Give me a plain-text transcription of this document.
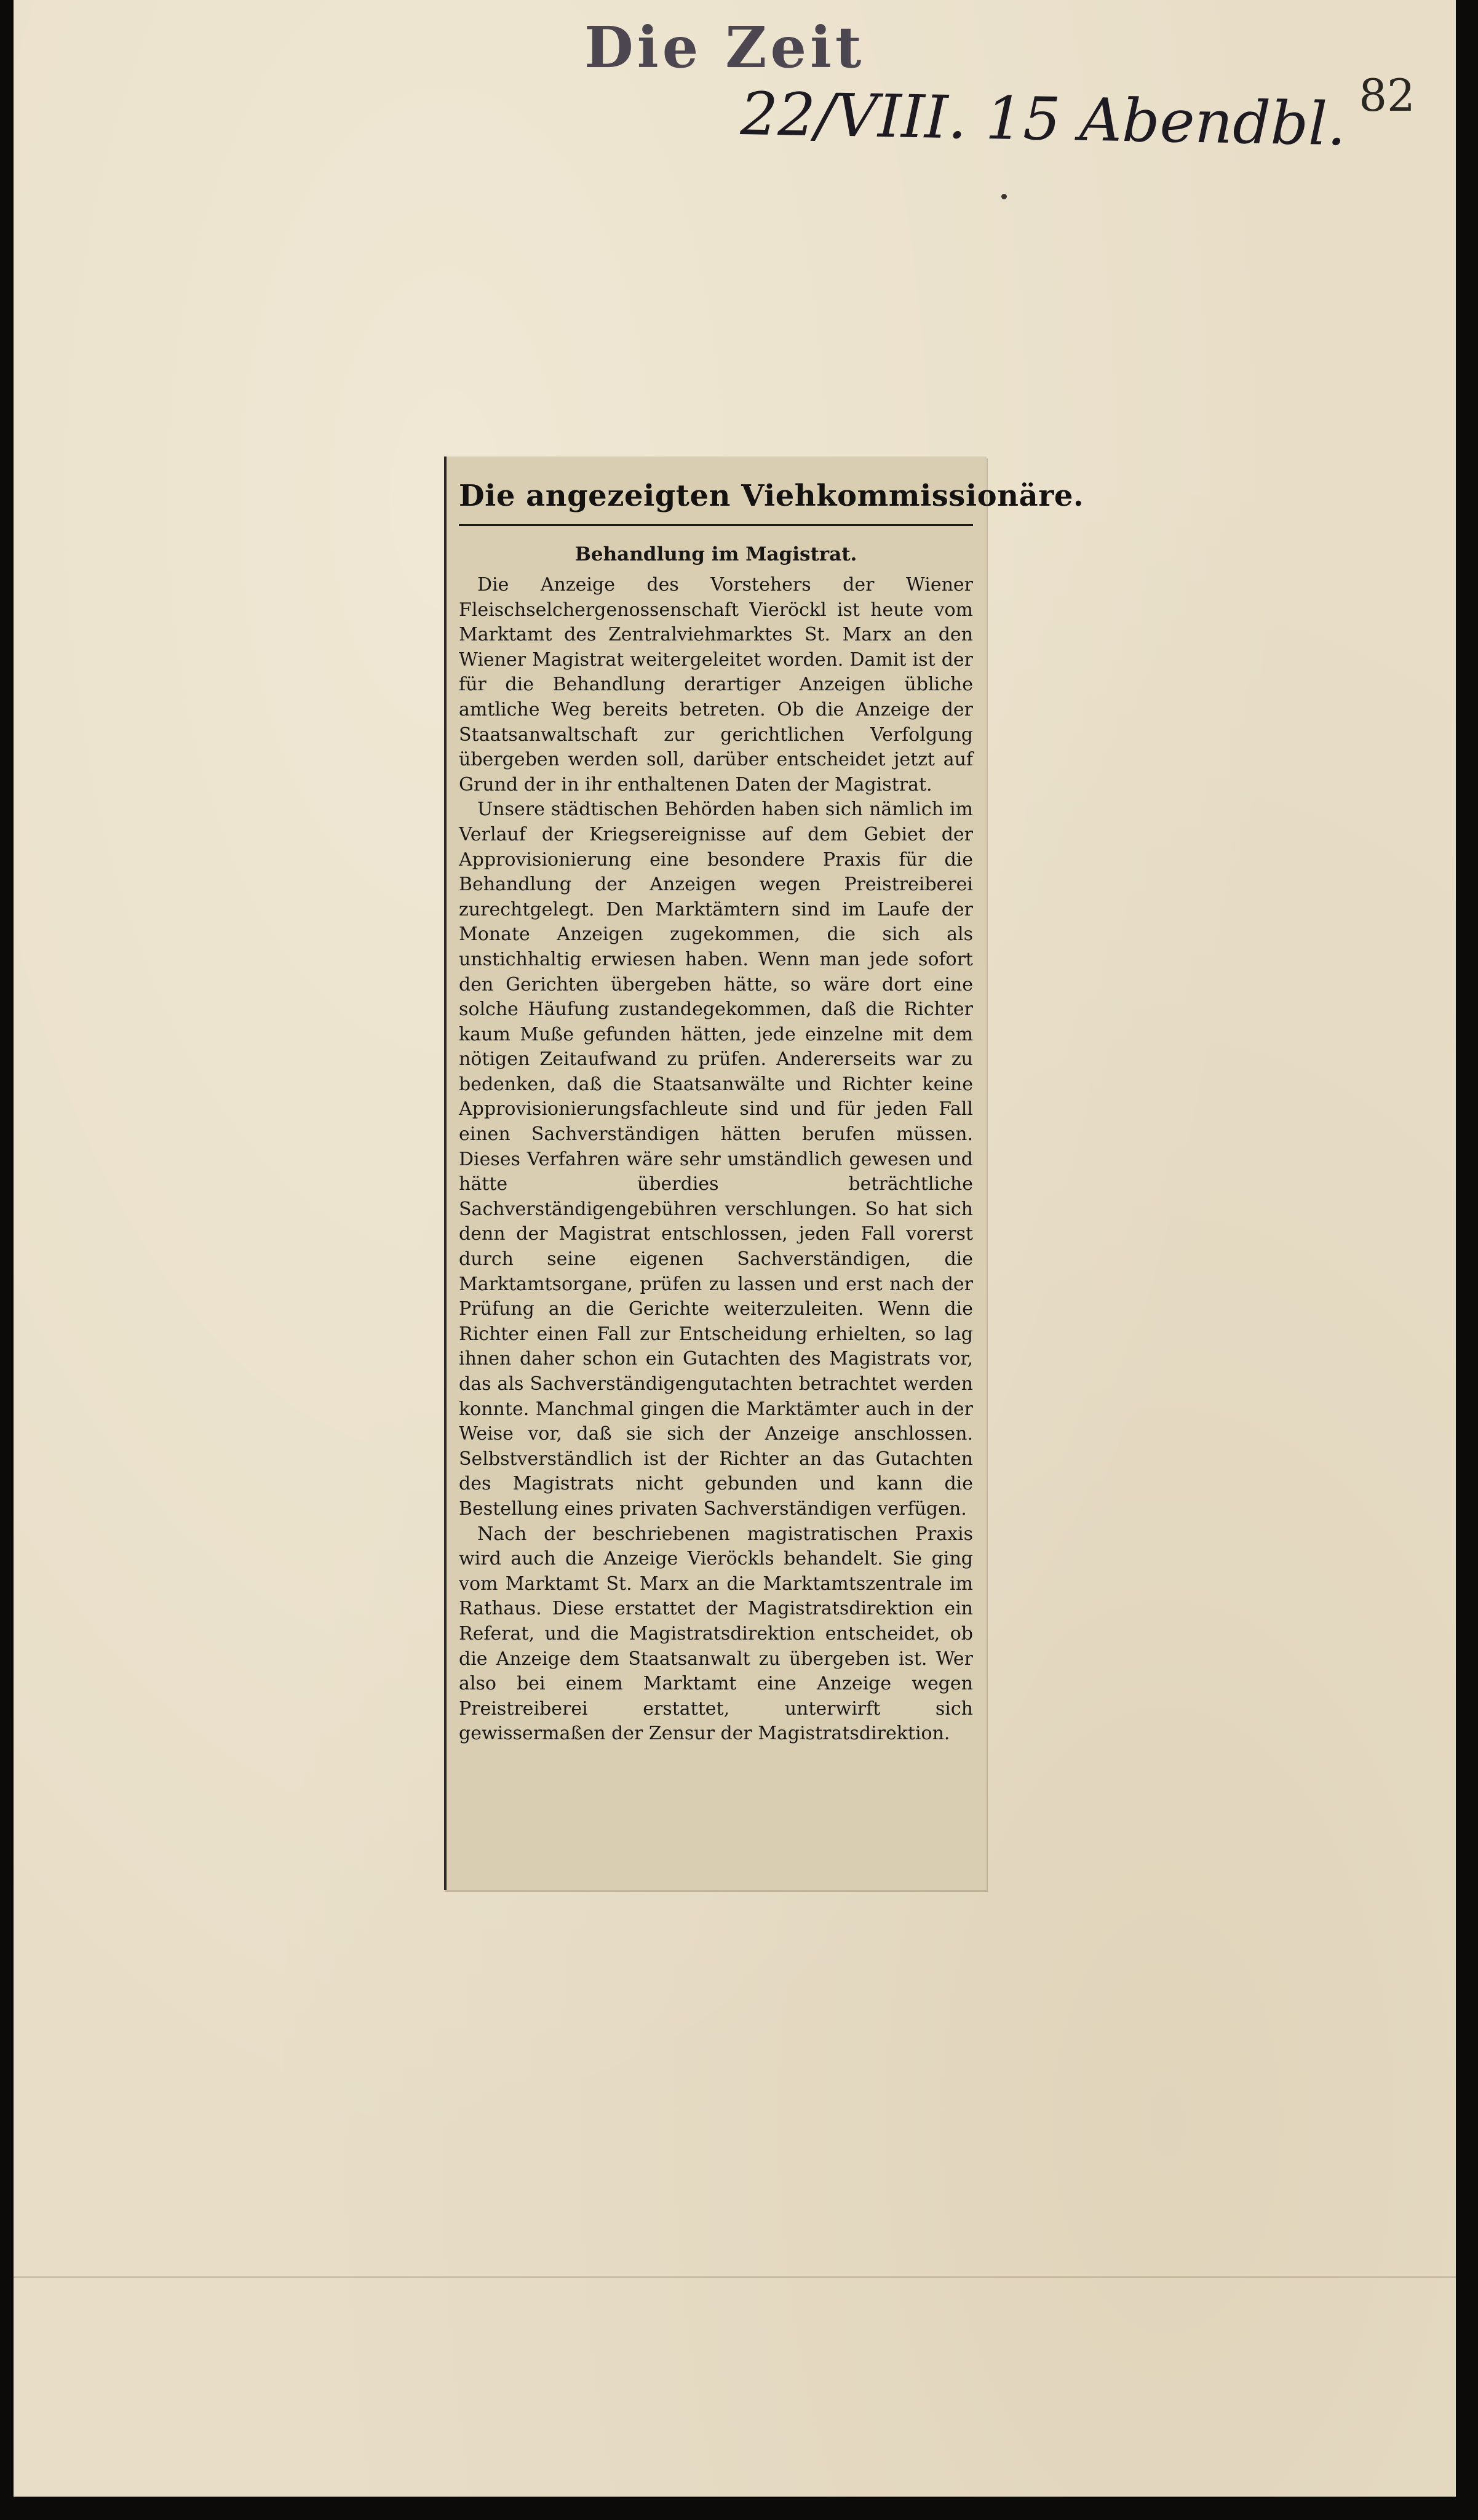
Die Zeit
22/VIII. 15 Abendbl. 82
Die angezeigten Viehkommissionäre.
Behandlung im Magistrat.

Die Anzeige des Vorstehers der Wiener Fleischselchergenossenschaft Vieröckl ist heute vom Marktamt des Zentralviehmarktes St. Marx an den Wiener Magistrat weitergeleitet worden. Damit ist der für die Behandlung derartiger Anzeigen übliche amtliche Weg bereits betreten. Ob die Anzeige der Staatsanwaltschaft zur gerichtlichen Verfolgung übergeben werden soll, darüber entscheidet jetzt auf Grund der in ihr enthaltenen Daten der Magistrat.

Unsere städtischen Behörden haben sich nämlich im Verlauf der Kriegsereignisse auf dem Gebiet der Approvisionierung eine besondere Praxis für die Behandlung der Anzeigen wegen Preistreiberei zurechtgelegt. Den Marktämtern sind im Laufe der Monate Anzeigen zugekommen, die sich als unstichhaltig erwiesen haben. Wenn man jede sofort den Gerichten übergeben hätte, so wäre dort eine solche Häufung zustandegekommen, daß die Richter kaum Muße gefunden hätten, jede einzelne mit dem nötigen Zeitaufwand zu prüfen. Andererseits war zu bedenken, daß die Staatsanwälte und Richter keine Approvisionierungsfachleute sind und für jeden Fall einen Sachverständigen hätten berufen müssen. Dieses Verfahren wäre sehr umständlich gewesen und hätte überdies beträchtliche Sachverständigengebühren verschlungen. So hat sich denn der Magistrat entschlossen, jeden Fall vorerst durch seine eigenen Sachverständigen, die Marktamtsorgane, prüfen zu lassen und erst nach der Prüfung an die Gerichte weiterzuleiten. Wenn die Richter einen Fall zur Entscheidung erhielten, so lag ihnen daher schon ein Gutachten des Magistrats vor, das als Sachverständigengutachten betrachtet werden konnte. Manchmal gingen die Marktämter auch in der Weise vor, daß sie sich der Anzeige anschlossen. Selbstverständlich ist der Richter an das Gutachten des Magistrats nicht gebunden und kann die Bestellung eines privaten Sachverständigen verfügen.

Nach der beschriebenen magistratischen Praxis wird auch die Anzeige Vieröckls behandelt. Sie ging vom Marktamt St. Marx an die Marktamtszentrale im Rathaus. Diese erstattet der Magistratsdirektion ein Referat, und die Magistratsdirektion entscheidet, ob die Anzeige dem Staatsanwalt zu übergeben ist. Wer also bei einem Marktamt eine Anzeige wegen Preistreiberei erstattet, unterwirft sich gewissermaßen der Zensur der Magistratsdirektion.
